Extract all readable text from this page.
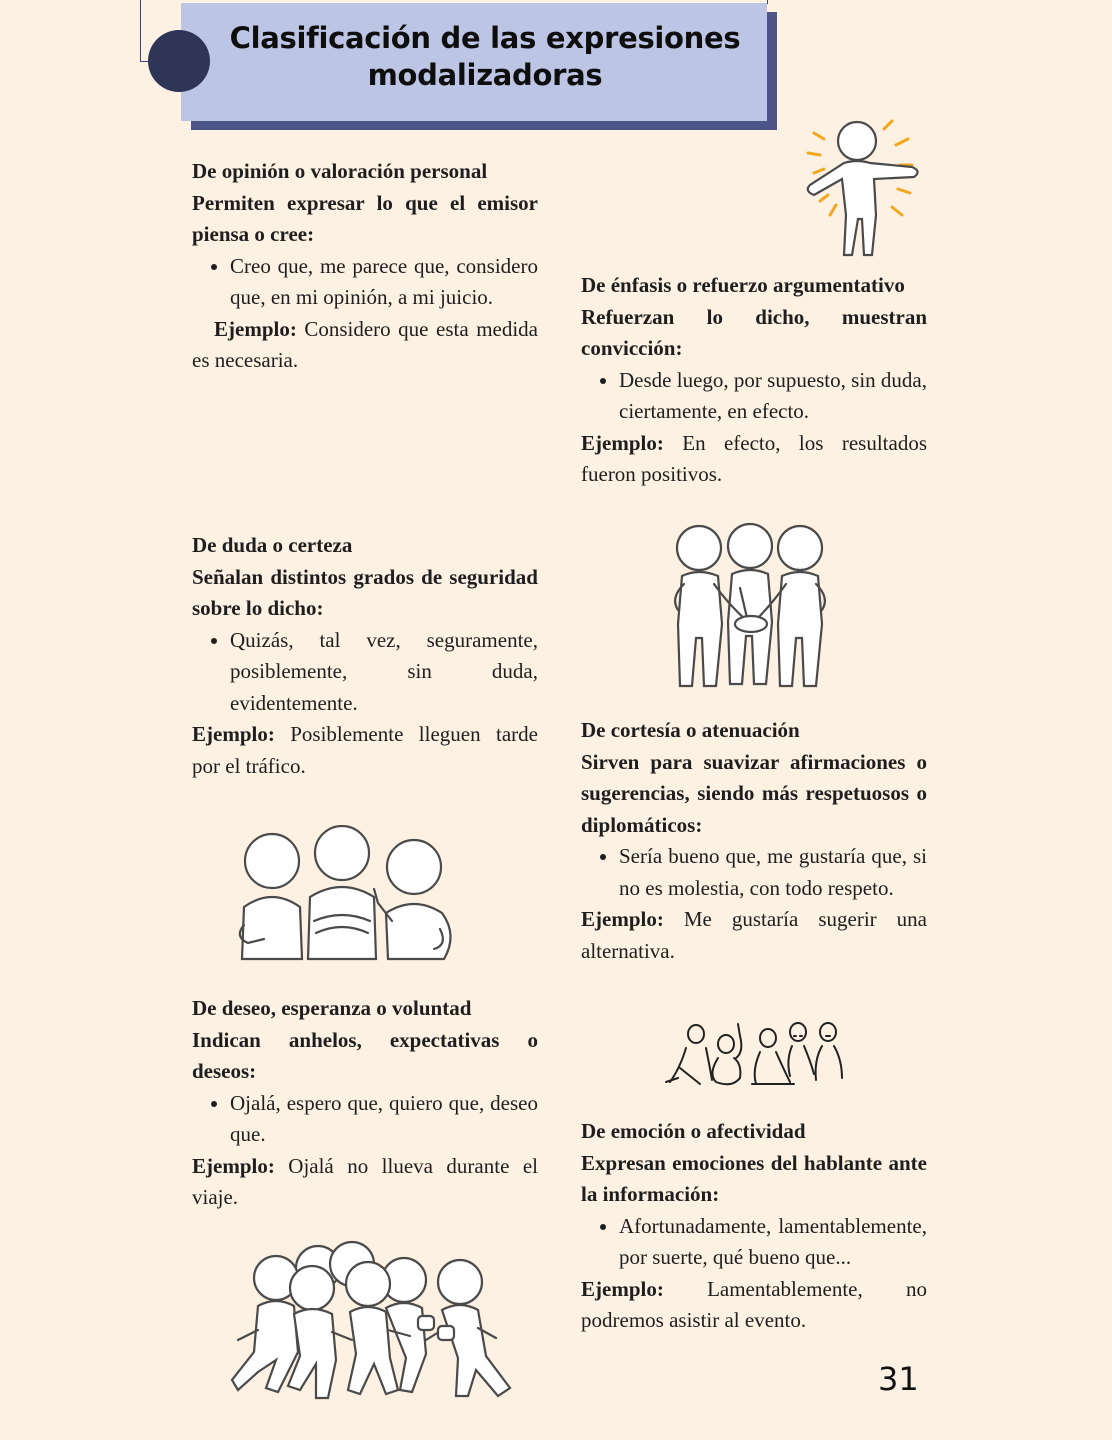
Clasificación de las expresiones modalizadoras

De opinión o valoración personal

Permiten expresar lo que el emisor piensa o cree:

• Creo que, me parece que, considero que, en mi opinión, a mi juicio.

Ejemplo: Considero que esta medida es necesaria.

De énfasis o refuerzo argumentativo

Refuerzan lo dicho, muestran convicción:

• Desde luego, por supuesto, sin duda, ciertamente, en efecto.

Ejemplo: En efecto, los resultados fueron positivos.

De duda o certeza

Señalan distintos grados de seguridad sobre lo dicho:

• Quizás, tal vez, seguramente, posiblemente, sin duda, evidentemente.

Ejemplo: Posiblemente lleguen tarde por el tráfico.

De cortesía o atenuación

Sirven para suavizar afirmaciones o sugerencias, siendo más respetuosos o diplomáticos:

• Sería bueno que, me gustaría que, si no es molestia, con todo respeto.

Ejemplo: Me gustaría sugerir una alternativa.

De deseo, esperanza o voluntad

Indican anhelos, expectativas o deseos:

• Ojalá, espero que, quiero que, deseo que.

Ejemplo: Ojalá no llueva durante el viaje.

De emoción o afectividad

Expresan emociones del hablante ante la información:

• Afortunadamente, lamentablemente, por suerte, qué bueno que...

Ejemplo: Lamentablemente, no podremos asistir al evento.

31
